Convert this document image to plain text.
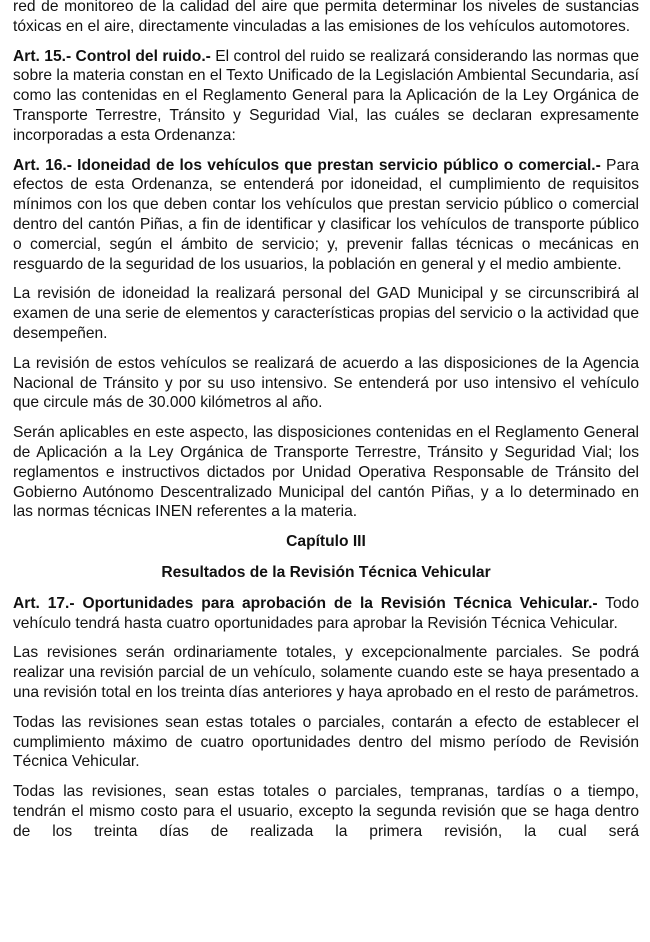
red de monitoreo de la calidad del aire que permita determinar los niveles de sustancias tóxicas en el aire, directamente vinculadas a las emisiones de los vehículos automotores.

Art. 15.- Control del ruido.- El control del ruido se realizará considerando las normas que sobre la materia constan en el Texto Unificado de la Legislación Ambiental Secundaria, así como las contenidas en el Reglamento General para la Aplicación de la Ley Orgánica de Transporte Terrestre, Tránsito y Seguridad Vial, las cuáles se declaran expresamente incorporadas a esta Ordenanza:

Art. 16.- Idoneidad de los vehículos que prestan servicio público o comercial.- Para efectos de esta Ordenanza, se entenderá por idoneidad, el cumplimiento de requisitos mínimos con los que deben contar los vehículos que prestan servicio público o comercial dentro del cantón Piñas, a fin de identificar y clasificar los vehículos de transporte público o comercial, según el ámbito de servicio; y, prevenir fallas técnicas o mecánicas en resguardo de la seguridad de los usuarios, la población en general y el medio ambiente.

La revisión de idoneidad la realizará personal del GAD Municipal y se circunscribirá al examen de una serie de elementos y características propias del servicio o la actividad que desempeñen.

La revisión de estos vehículos se realizará de acuerdo a las disposiciones de la Agencia Nacional de Tránsito y por su uso intensivo. Se entenderá por uso intensivo el vehículo que circule más de 30.000 kilómetros al año.

Serán aplicables en este aspecto, las disposiciones contenidas en el Reglamento General de Aplicación a la Ley Orgánica de Transporte Terrestre, Tránsito y Seguridad Vial; los reglamentos e instructivos dictados por Unidad Operativa Responsable de Tránsito del Gobierno Autónomo Descentralizado Municipal del cantón Piñas, y a lo determinado en las normas técnicas INEN referentes a la materia.

Capítulo III
Resultados de la Revisión Técnica Vehicular

Art. 17.- Oportunidades para aprobación de la Revisión Técnica Vehicular.- Todo vehículo tendrá hasta cuatro oportunidades para aprobar la Revisión Técnica Vehicular.

Las revisiones serán ordinariamente totales, y excepcionalmente parciales. Se podrá realizar una revisión parcial de un vehículo, solamente cuando este se haya presentado a una revisión total en los treinta días anteriores y haya aprobado en el resto de parámetros.

Todas las revisiones sean estas totales o parciales, contarán a efecto de establecer el cumplimiento máximo de cuatro oportunidades dentro del mismo período de Revisión Técnica Vehicular.

Todas las revisiones, sean estas totales o parciales, tempranas, tardías o a tiempo, tendrán el mismo costo para el usuario, excepto la segunda revisión que se haga dentro de los treinta días de realizada la primera revisión, la cual será
